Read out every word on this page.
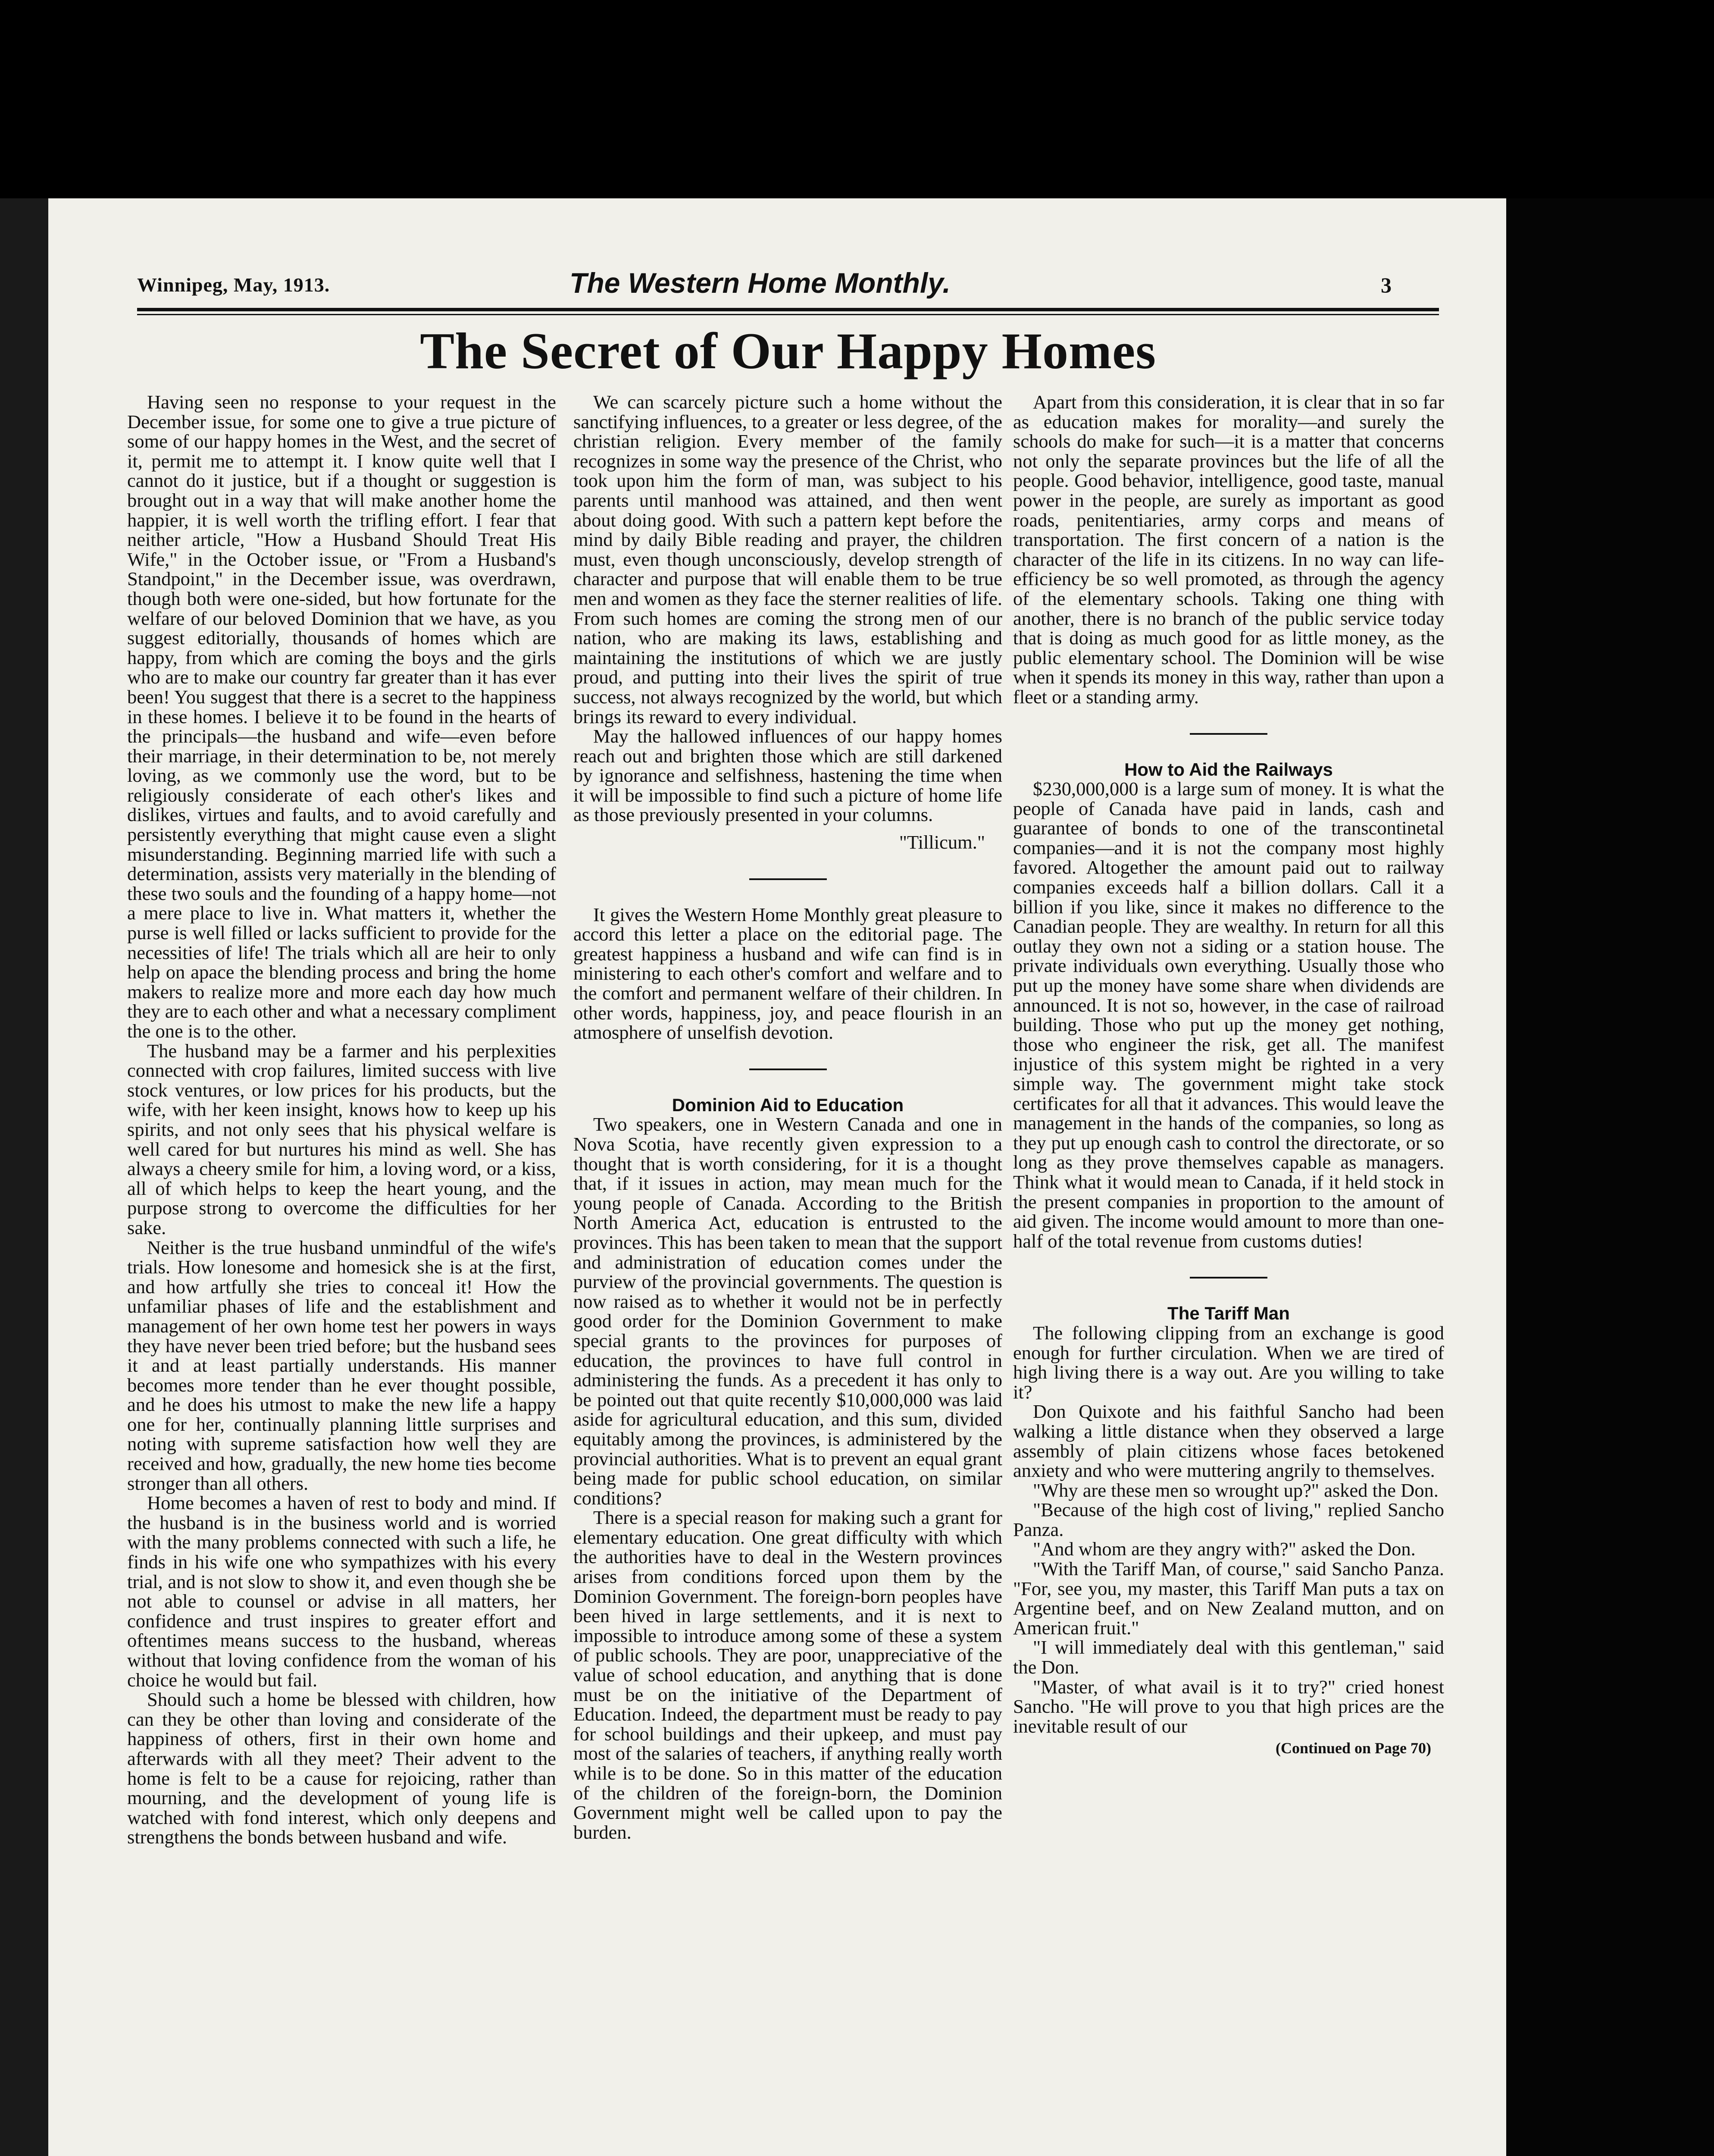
Winnipeg, May, 1913.	The Western Home Monthly.	3
The Secret of Our Happy Homes

Having seen no response to your request in the December issue, for some one to give a true picture of some of our happy homes in the West, and the secret of it, permit me to attempt it. I know quite well that I cannot do it justice, but if a thought or suggestion is brought out in a way that will make another home the happier, it is well worth the trifling effort. I fear that neither article, "How a Husband Should Treat His Wife," in the October issue, or "From a Husband's Standpoint," in the December issue, was overdrawn, though both were one-sided, but how fortunate for the welfare of our beloved Dominion that we have, as you suggest editorially, thousands of homes which are happy, from which are coming the boys and the girls who are to make our country far greater than it has ever been! You suggest that there is a secret to the happiness in these homes. I believe it to be found in the hearts of the principals—the husband and wife—even before their marriage, in their determination to be, not merely loving, as we commonly use the word, but to be religiously considerate of each other's likes and dislikes, virtues and faults, and to avoid carefully and persistently everything that might cause even a slight misunderstanding. Beginning married life with such a determination, assists very materially in the blending of these two souls and the founding of a happy home—not a mere place to live in. What matters it, whether the purse is well filled or lacks sufficient to provide for the necessities of life! The trials which all are heir to only help on apace the blending process and bring the home makers to realize more and more each day how much they are to each other and what a necessary compliment the one is to the other.

The husband may be a farmer and his perplexities connected with crop failures, limited success with live stock ventures, or low prices for his products, but the wife, with her keen insight, knows how to keep up his spirits, and not only sees that his physical welfare is well cared for but nurtures his mind as well. She has always a cheery smile for him, a loving word, or a kiss, all of which helps to keep the heart young, and the purpose strong to overcome the difficulties for her sake.

Neither is the true husband unmindful of the wife's trials. How lonesome and homesick she is at the first, and how artfully she tries to conceal it! How the unfamiliar phases of life and the establishment and management of her own home test her powers in ways they have never been tried before; but the husband sees it and at least partially understands. His manner becomes more tender than he ever thought possible, and he does his utmost to make the new life a happy one for her, continually planning little surprises and noting with supreme satisfaction how well they are received and how, gradually, the new home ties become stronger than all others.

Home becomes a haven of rest to body and mind. If the husband is in the business world and is worried with the many problems connected with such a life, he finds in his wife one who sympathizes with his every trial, and is not slow to show it, and even though she be not able to counsel or advise in all matters, her confidence and trust inspires to greater effort and oftentimes means success to the husband, whereas without that loving confidence from the woman of his choice he would but fail.

Should such a home be blessed with children, how can they be other than loving and considerate of the happiness of others, first in their own home and afterwards with all they meet? Their advent to the home is felt to be a cause for rejoicing, rather than mourning, and the development of young life is watched with fond interest, which only deepens and strengthens the bonds between husband and wife.

We can scarcely picture such a home without the sanctifying influences, to a greater or less degree, of the christian religion. Every member of the family recognizes in some way the presence of the Christ, who took upon him the form of man, was subject to his parents until manhood was attained, and then went about doing good. With such a pattern kept before the mind by daily Bible reading and prayer, the children must, even though unconsciously, develop strength of character and purpose that will enable them to be true men and women as they face the sterner realities of life. From such homes are coming the strong men of our nation, who are making its laws, establishing and maintaining the institutions of which we are justly proud, and putting into their lives the spirit of true success, not always recognized by the world, but which brings its reward to every individual.

May the hallowed influences of our happy homes reach out and brighten those which are still darkened by ignorance and selfishness, hastening the time when it will be impossible to find such a picture of home life as those previously presented in your columns.

"Tillicum."

It gives the Western Home Monthly great pleasure to accord this letter a place on the editorial page. The greatest happiness a husband and wife can find is in ministering to each other's comfort and welfare and to the comfort and permanent welfare of their children. In other words, happiness, joy, and peace flourish in an atmosphere of unselfish devotion.

Dominion Aid to Education

Two speakers, one in Western Canada and one in Nova Scotia, have recently given expression to a thought that is worth considering, for it is a thought that, if it issues in action, may mean much for the young people of Canada. According to the British North America Act, education is entrusted to the provinces. This has been taken to mean that the support and administration of education comes under the purview of the provincial governments. The question is now raised as to whether it would not be in perfectly good order for the Dominion Government to make special grants to the provinces for purposes of education, the provinces to have full control in administering the funds. As a precedent it has only to be pointed out that quite recently $10,000,000 was laid aside for agricultural education, and this sum, divided equitably among the provinces, is administered by the provincial authorities. What is to prevent an equal grant being made for public school education, on similar conditions?

There is a special reason for making such a grant for elementary education. One great difficulty with which the authorities have to deal in the Western provinces arises from conditions forced upon them by the Dominion Government. The foreign-born peoples have been hived in large settlements, and it is next to impossible to introduce among some of these a system of public schools. They are poor, unappreciative of the value of school education, and anything that is done must be on the initiative of the Department of Education. Indeed, the department must be ready to pay for school buildings and their upkeep, and must pay most of the salaries of teachers, if anything really worth while is to be done. So in this matter of the education of the children of the foreign-born, the Dominion Government might well be called upon to pay the burden.

Apart from this consideration, it is clear that in so far as education makes for morality—and surely the schools do make for such—it is a matter that concerns not only the separate provinces but the life of all the people. Good behavior, intelligence, good taste, manual power in the people, are surely as important as good roads, penitentiaries, army corps and means of transportation. The first concern of a nation is the character of the life in its citizens. In no way can life-efficiency be so well promoted, as through the agency of the elementary schools. Taking one thing with another, there is no branch of the public service today that is doing as much good for as little money, as the public elementary school. The Dominion will be wise when it spends its money in this way, rather than upon a fleet or a standing army.

How to Aid the Railways

$230,000,000 is a large sum of money. It is what the people of Canada have paid in lands, cash and guarantee of bonds to one of the transcontinetal companies—and it is not the company most highly favored. Altogether the amount paid out to railway companies exceeds half a billion dollars. Call it a billion if you like, since it makes no difference to the Canadian people. They are wealthy. In return for all this outlay they own not a siding or a station house. The private individuals own everything. Usually those who put up the money have some share when dividends are announced. It is not so, however, in the case of railroad building. Those who put up the money get nothing, those who engineer the risk, get all. The manifest injustice of this system might be righted in a very simple way. The government might take stock certificates for all that it advances. This would leave the management in the hands of the companies, so long as they put up enough cash to control the directorate, or so long as they prove themselves capable as managers. Think what it would mean to Canada, if it held stock in the present companies in proportion to the amount of aid given. The income would amount to more than one-half of the total revenue from customs duties!

The Tariff Man

The following clipping from an exchange is good enough for further circulation. When we are tired of high living there is a way out. Are you willing to take it?

Don Quixote and his faithful Sancho had been walking a little distance when they observed a large assembly of plain citizens whose faces betokened anxiety and who were muttering angrily to themselves.

"Why are these men so wrought up?" asked the Don.

"Because of the high cost of living," replied Sancho Panza.

"And whom are they angry with?" asked the Don.

"With the Tariff Man, of course," said Sancho Panza. "For, see you, my master, this Tariff Man puts a tax on Argentine beef, and on New Zealand mutton, and on American fruit."

"I will immediately deal with this gentleman," said the Don.

"Master, of what avail is it to try?" cried honest Sancho. "He will prove to you that high prices are the inevitable result of our

(Continued on Page 70)
